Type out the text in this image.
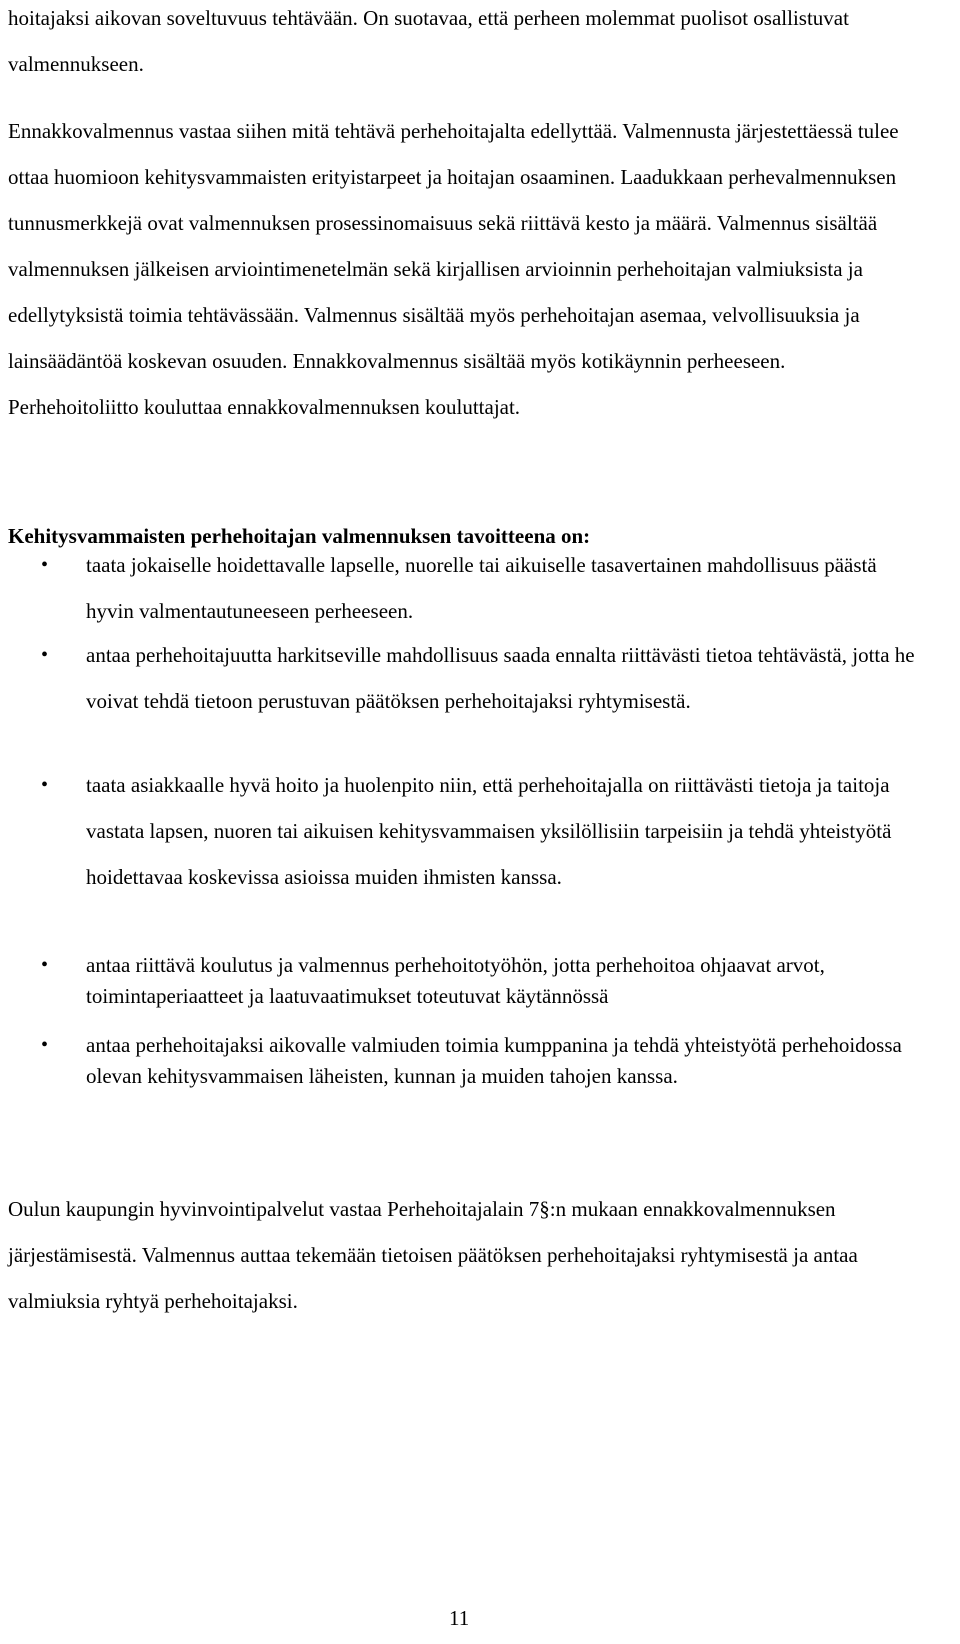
hoitajaksi aikovan soveltuvuus tehtävään. On suotavaa, että perheen molemmat puolisot osallistuvat valmennukseen.

Ennakkovalmennus vastaa siihen mitä tehtävä perhehoitajalta edellyttää. Valmennusta järjestettäessä tulee ottaa huomioon kehitysvammaisten erityistarpeet ja hoitajan osaaminen. Laadukkaan perhevalmennuksen tunnusmerkkejä ovat valmennuksen prosessinomaisuus sekä riittävä kesto ja määrä. Valmennus sisältää valmennuksen jälkeisen arviointimenetelmän sekä kirjallisen arvioinnin perhehoitajan valmiuksista ja edellytyksistä toimia tehtävässään. Valmennus sisältää myös perhehoitajan asemaa, velvollisuuksia ja lainsäädäntöä koskevan osuuden. Ennakkovalmennus sisältää myös kotikäynnin perheeseen. Perhehoitoliitto kouluttaa ennakkovalmennuksen kouluttajat.

Kehitysvammaisten perhehoitajan valmennuksen tavoitteena on:
• taata jokaiselle hoidettavalle lapselle, nuorelle tai aikuiselle tasavertainen mahdollisuus päästä hyvin valmentautuneeseen perheeseen.
• antaa perhehoitajuutta harkitseville mahdollisuus saada ennalta riittävästi tietoa tehtävästä, jotta he voivat tehdä tietoon perustuvan päätöksen perhehoitajaksi ryhtymisestä.
• taata asiakkaalle hyvä hoito ja huolenpito niin, että perhehoitajalla on riittävästi tietoja ja taitoja vastata lapsen, nuoren tai aikuisen kehitysvammaisen yksilöllisiin tarpeisiin ja tehdä yhteistyötä hoidettavaa koskevissa asioissa muiden ihmisten kanssa.
• antaa riittävä koulutus ja valmennus perhehoitotyöhön, jotta perhehoitoa ohjaavat arvot, toimintaperiaatteet ja laatuvaatimukset toteutuvat käytännössä
• antaa perhehoitajaksi aikovalle valmiuden toimia kumppanina ja tehdä yhteistyötä perhehoidossa olevan kehitysvammaisen läheisten, kunnan ja muiden tahojen kanssa.

Oulun kaupungin hyvinvointipalvelut vastaa Perhehoitajalain 7§:n mukaan ennakkovalmennuksen järjestämisestä. Valmennus auttaa tekemään tietoisen päätöksen perhehoitajaksi ryhtymisestä ja antaa valmiuksia ryhtyä perhehoitajaksi.

11
